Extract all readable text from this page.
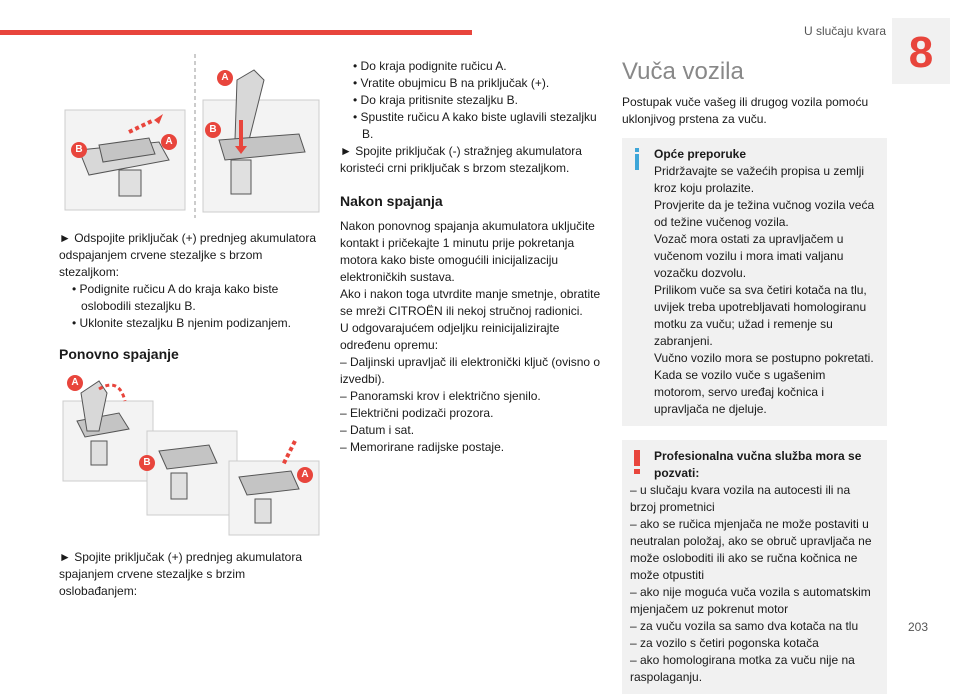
U slučaju kvara 8
A
A
B
B

► Odspojite priključak (+) prednjeg akumulatora odspajanjem crvene stezaljke s brzom stezaljkom:

• Podignite ručicu A do kraja kako biste oslobodili stezaljku B.

• Uklonite stezaljku B njenim podizanjem.

Ponovno spajanje
A
B
A

► Spojite priključak (+) prednjeg akumulatora spajanjem crvene stezaljke s brzim oslobađanjem:

• Do kraja podignite ručicu A.

• Vratite obujmicu B na priključak (+).

• Do kraja pritisnite stezaljku B.

• Spustite ručicu A kako biste uglavili stezaljku B.

► Spojite priključak (-) stražnjeg akumulatora koristeći crni priključak s brzom stezaljkom.

Nakon spajanja

Nakon ponovnog spajanja akumulatora uključite kontakt i pričekajte 1 minutu prije pokretanja motora kako biste omogućili inicijalizaciju elektroničkih sustava.

Ako i nakon toga utvrdite manje smetnje, obratite se mreži CITROËN ili nekoj stručnoj radionici.

U odgovarajućem odjeljku reinicijalizirajte određenu opremu:

– Daljinski upravljač ili elektronički ključ (ovisno o izvedbi).

– Panoramski krov i električno sjenilo.

– Električni podizači prozora.

– Datum i sat.

– Memorirane radijske postaje.

Vuča vozila

Postupak vuče vašeg ili drugog vozila pomoću uklonjivog prstena za vuču.

Opće preporuke
Pridržavajte se važećih propisa u zemlji kroz koju prolazite.
Provjerite da je težina vučnog vozila veća od težine vučenog vozila.
Vozač mora ostati za upravljačem u vučenom vozilu i mora imati valjanu vozačku dozvolu.
Prilikom vuče sa sva četiri kotača na tlu, uvijek treba upotrebljavati homologiranu motku za vuču; užad i remenje su zabranjeni.
Vučno vozilo mora se postupno pokretati.
Kada se vozilo vuče s ugašenim motorom, servo uređaj kočnica i upravljača ne djeluje.
Profesionalna vučna služba mora se pozvati:

– u slučaju kvara vozila na autocesti ili na brzoj prometnici

– ako se ručica mjenjača ne može postaviti u neutralan položaj, ako se obruč upravljača ne može osloboditi ili ako se ručna kočnica ne može otpustiti

– ako nije moguća vuča vozila s automatskim mjenjačem uz pokrenut motor

– za vuču vozila sa samo dva kotača na tlu

– za vozilo s četiri pogonska kotača

– ako homologirana motka za vuču nije na raspolaganju.

203
